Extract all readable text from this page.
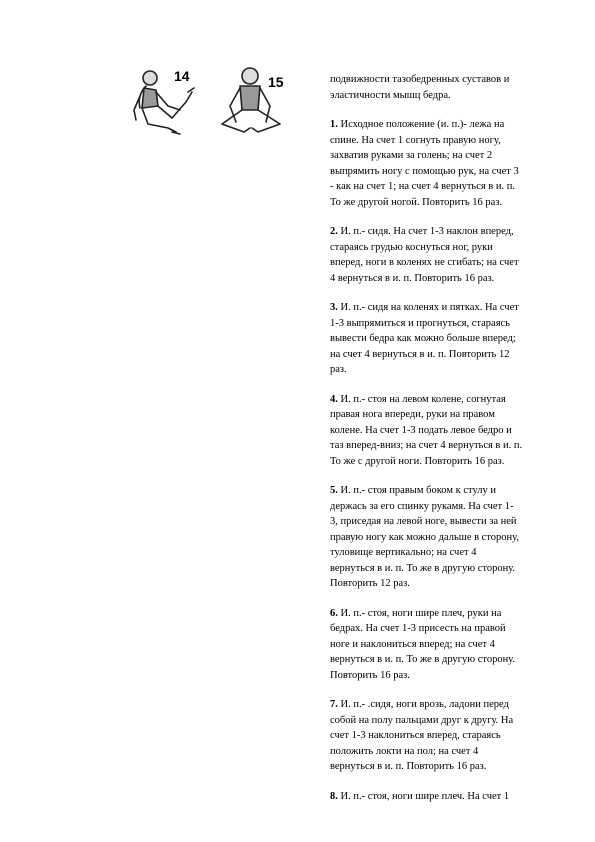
14	15	подвижности тазобедренных суставов и
эластичности мышц бедра.

1. Исходное положение (и. п.)- лежа на
спине. На счет 1 согнуть правую ногу,
захватив руками за голень; на счет 2
выпрямить ногу с помощью рук, на счет 3
- как на счет 1; на счет 4 вернуться в и. п.
То же другой ногой. Повторить 16 раз.

2. И. п.- сидя. На счет 1-3 наклон вперед,
стараясь грудью коснуться ног, руки
вперед, ноги в коленях не сгибать; на счет
4 вернуться в и. п. Повторить 16 раз.

3. И. п.- сидя на коленях и пятках. На счет
1-3 выпрямиться и прогнуться, стараясь
вывести бедра как можно больше вперед;
на счет 4 вернуться в и. п. Повторить 12
раз.

4. И. п.- стоя на левом колене, согнутая
правая нога впереди, руки на правом
колене. На счет 1-3 подать левое бедро и
таз вперед-вниз; на счет 4 вернуться в и. п.
То же с другой ноги. Повторить 16 раз.

5. И. п.- стоя правым боком к стулу и
держась за его спинку рукамя. На счет 1-
3, приседая на левой ноге, вывести за ней
правую ногу как можно дальше в сторону,
туловище вертикально; на счет 4
вернуться в и. п. То же в другую сторону.
Повторить 12 раз.

6. И. п.- стоя, ноги шире плеч, руки на
бедрах. На счет 1-3 присесть на правой
ноге и наклониться вперед; на счет 4
вернуться в и. п. То же в другую сторону.
Повторить 16 раз.

7. И. п.- .сидя, ноги врозь, ладони перед
собой на полу пальцами друг к другу. На
счет 1-3 наклониться вперед, стараясь
положить локти на пол; на счет 4
вернуться в и. п. Повторить 16 раз.

8. И. п.- стоя, ноги шире плеч. На счет 1
